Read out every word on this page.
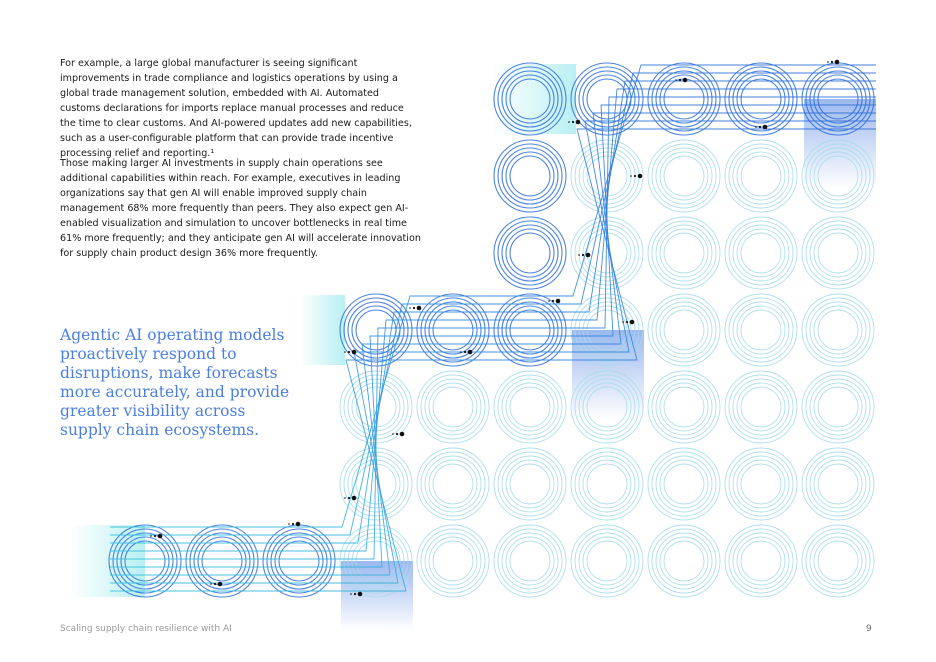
For example, a large global manufacturer is seeing significant improvements in trade compliance and logistics operations by using a global trade management solution, embedded with AI. Automated customs declarations for imports replace manual processes and reduce the time to clear customs. And AI-powered updates add new capabilities, such as a user-configurable platform that can provide trade incentive processing relief and reporting.¹

Those making larger AI investments in supply chain operations see additional capabilities within reach. For example, executives in leading organizations say that gen AI will enable improved supply chain management 68% more frequently than peers. They also expect gen AI-enabled visualization and simulation to uncover bottlenecks in real time 61% more frequently; and they anticipate gen AI will accelerate innovation for supply chain product design 36% more frequently.

Agentic AI operating models proactively respond to disruptions, make forecasts more accurately, and provide greater visibility across supply chain ecosystems.

Scaling supply chain resilience with AI	9
